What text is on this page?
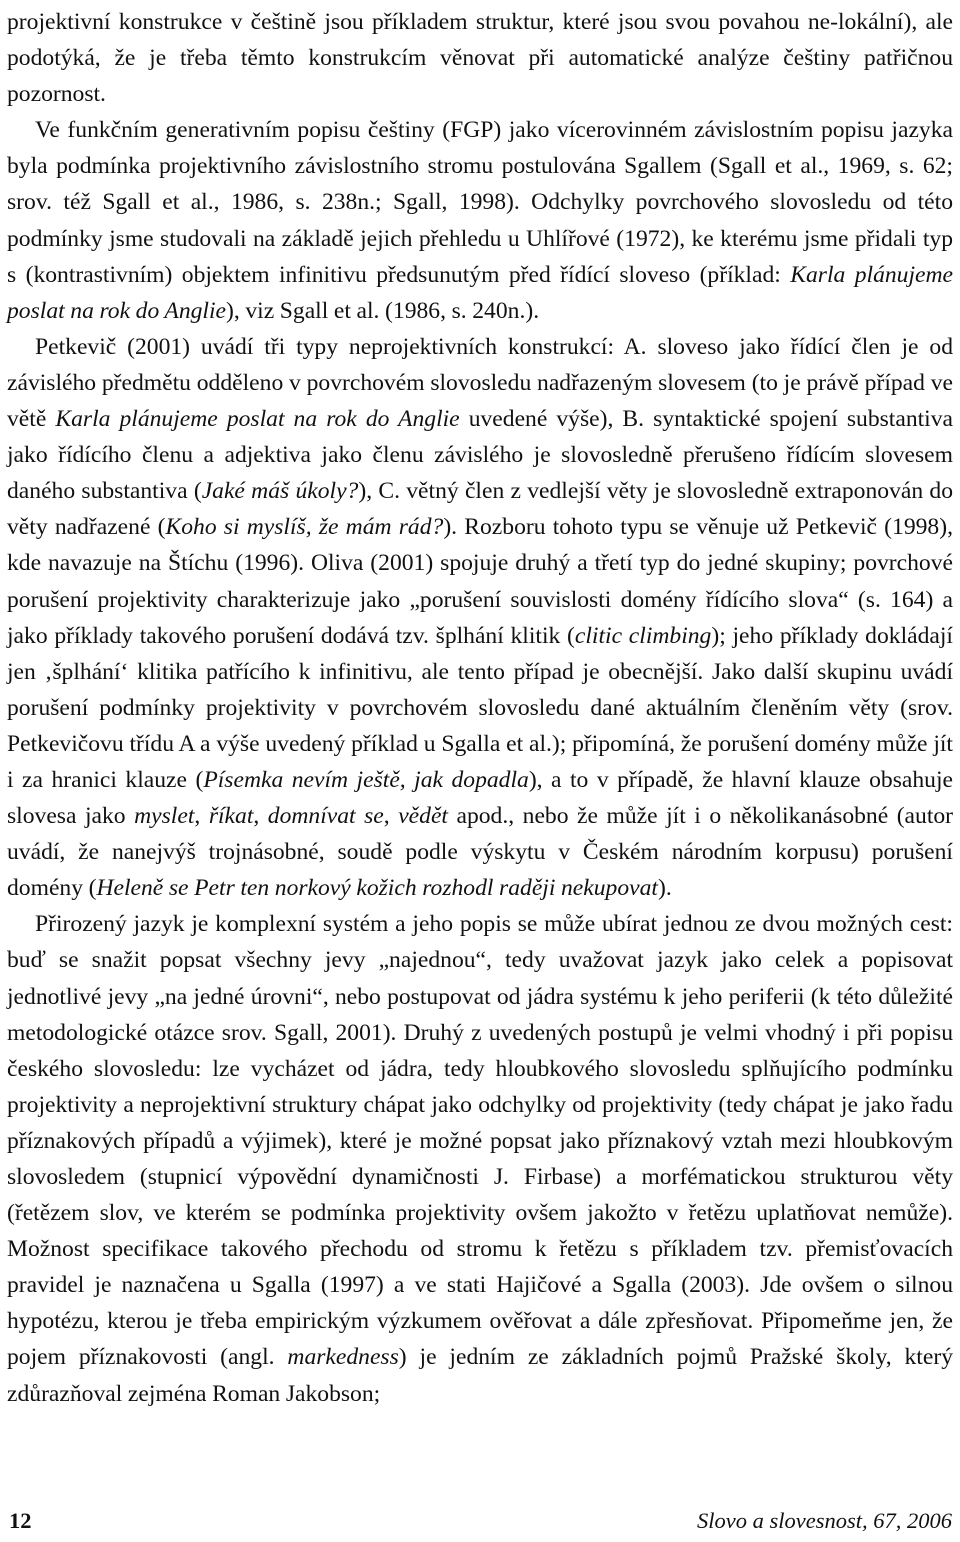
projektivní konstrukce v češtině jsou příkladem struktur, které jsou svou povahou ne-lokální), ale podotýká, že je třeba těmto konstrukcím věnovat při automatické analýze češtiny patřičnou pozornost.

Ve funkčním generativním popisu češtiny (FGP) jako vícerovinném závislostním popisu jazyka byla podmínka projektivního závislostního stromu postulována Sgallem (Sgall et al., 1969, s. 62; srov. též Sgall et al., 1986, s. 238n.; Sgall, 1998). Odchylky povrchového slovosledu od této podmínky jsme studovali na základě jejich přehledu u Uhlířové (1972), ke kterému jsme přidali typ s (kontrastivním) objektem infinitivu předsunutým před řídící sloveso (příklad: Karla plánujeme poslat na rok do Anglie), viz Sgall et al. (1986, s. 240n.).

Petkevič (2001) uvádí tři typy neprojektivních konstrukcí: A. sloveso jako řídící člen je od závislého předmětu odděleno v povrchovém slovosledu nadřazeným slovesem (to je právě případ ve větě Karla plánujeme poslat na rok do Anglie uvedené výše), B. syntaktické spojení substantiva jako řídícího členu a adjektiva jako členu závislého je slovosledně přerušeno řídícím slovesem daného substantiva (Jaké máš úkoly?), C. větný člen z vedlejší věty je slovosledně extraponován do věty nadřazené (Koho si myslíš, že mám rád?). Rozboru tohoto typu se věnuje už Petkevič (1998), kde navazuje na Štíchu (1996). Oliva (2001) spojuje druhý a třetí typ do jedné skupiny; povrchové porušení projektivity charakterizuje jako „porušení souvislosti domény řídícího slova“ (s. 164) a jako příklady takového porušení dodává tzv. šplhání klitik (clitic climbing); jeho příklady dokládají jen ‚šplhání‘ klitika patřícího k infinitivu, ale tento případ je obecnější. Jako další skupinu uvádí porušení podmínky projektivity v povrchovém slovosledu dané aktuálním členěním věty (srov. Petkevičovu třídu A a výše uvedený příklad u Sgalla et al.); připomíná, že porušení domény může jít i za hranici klauze (Písemka nevím ještě, jak dopadla), a to v případě, že hlavní klauze obsahuje slovesa jako myslet, říkat, domnívat se, vědět apod., nebo že může jít i o několikanásobné (autor uvádí, že nanejvýš trojnásobné, soudě podle výskytu v Českém národním korpusu) porušení domény (Heleně se Petr ten norkový kožich rozhodl raději nekupovat).

Přirozený jazyk je komplexní systém a jeho popis se může ubírat jednou ze dvou možných cest: buď se snažit popsat všechny jevy „najednou“, tedy uvažovat jazyk jako celek a popisovat jednotlivé jevy „na jedné úrovni“, nebo postupovat od jádra systému k jeho periferii (k této důležité metodologické otázce srov. Sgall, 2001). Druhý z uvedených postupů je velmi vhodný i při popisu českého slovosledu: lze vycházet od jádra, tedy hloubkového slovosledu splňujícího podmínku projektivity a neprojektivní struktury chápat jako odchylky od projektivity (tedy chápat je jako řadu příznakových případů a výjimek), které je možné popsat jako příznakový vztah mezi hloubkovým slovosledem (stupnicí výpovědní dynamičnosti J. Firbase) a morfématickou strukturou věty (řetězem slov, ve kterém se podmínka projektivity ovšem jakožto v řetězu uplatňovat nemůže). Možnost specifikace takového přechodu od stromu k řetězu s příkladem tzv. přemisťovacích pravidel je naznačena u Sgalla (1997) a ve stati Hajičové a Sgalla (2003). Jde ovšem o silnou hypotézu, kterou je třeba empirickým výzkumem ověřovat a dále zpřesňovat. Připomeňme jen, že pojem příznakovosti (angl. markedness) je jedním ze základních pojmů Pražské školy, který zdůrazňoval zejména Roman Jakobson;

12	Slovo a slovesnost, 67, 2006
